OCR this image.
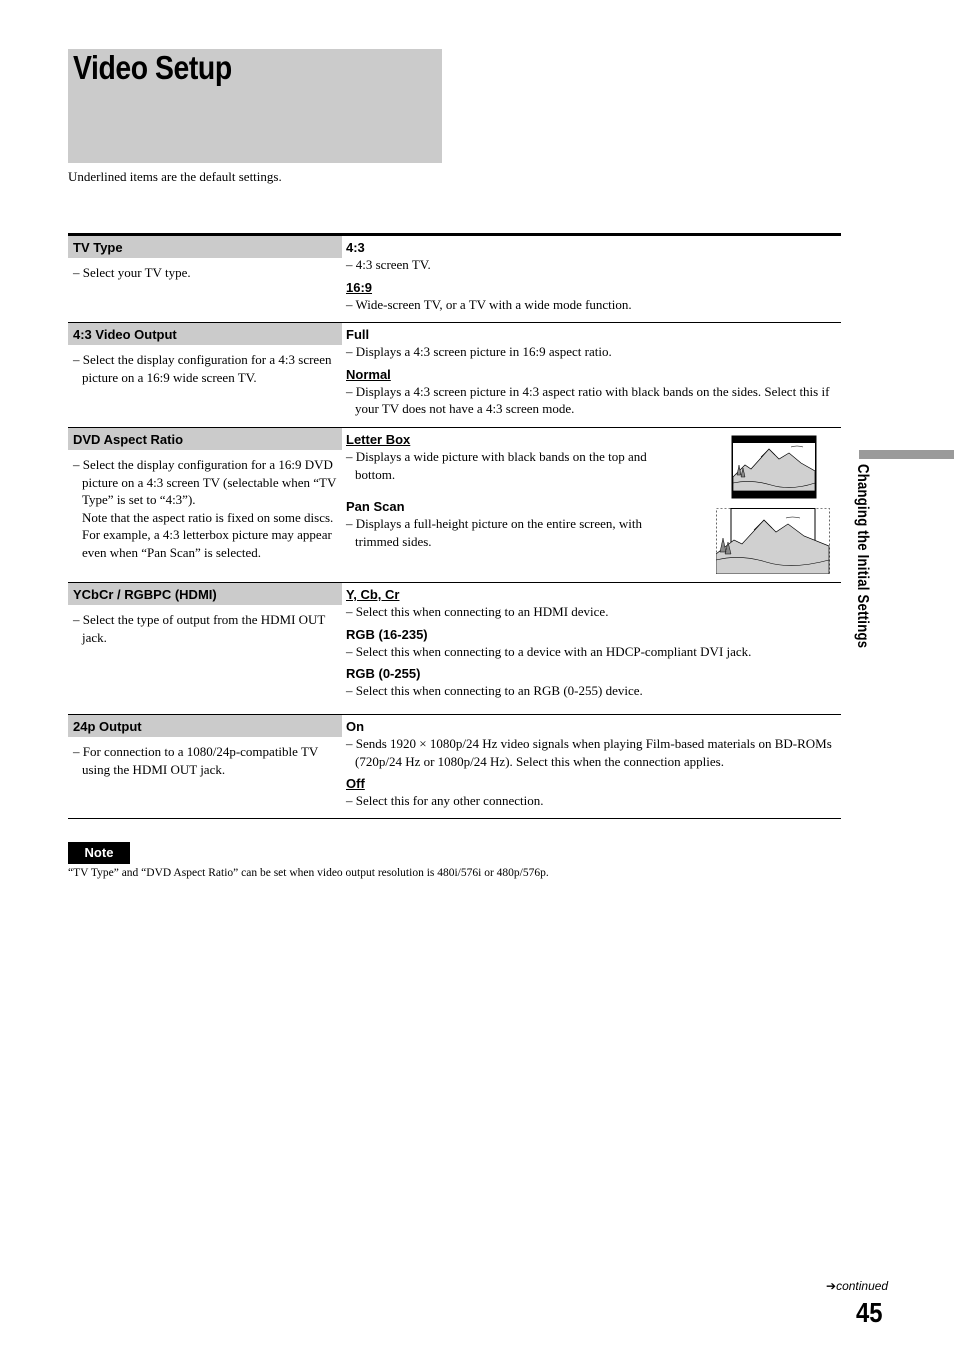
Video Setup
Underlined items are the default settings.
TV Type
– Select your TV type.
4:3
– 4:3 screen TV.
16:9
– Wide-screen TV, or a TV with a wide mode function.
4:3 Video Output
– Select the display configuration for a 4:3 screen picture on a 16:9 wide screen TV.
Full
– Displays a 4:3 screen picture in 16:9 aspect ratio.
Normal
– Displays a 4:3 screen picture in 4:3 aspect ratio with black bands on the sides. Select this if your TV does not have a 4:3 screen mode.
DVD Aspect Ratio
– Select the display configuration for a 16:9 DVD picture on a 4:3 screen TV (selectable when “TV Type” is set to “4:3”).
Note that the aspect ratio is fixed on some discs. For example, a 4:3 letterbox picture may appear even when “Pan Scan” is selected.
Letter Box
– Displays a wide picture with black bands on the top and bottom.
Pan Scan
– Displays a full-height picture on the entire screen, with trimmed sides.
YCbCr / RGBPC (HDMI)
– Select the type of output from the HDMI OUT jack.
Y, Cb, Cr
– Select this when connecting to an HDMI device.
RGB (16-235)
– Select this when connecting to a device with an HDCP-compliant DVI jack.
RGB (0-255)
– Select this when connecting to an RGB (0-255) device.
24p Output
– For connection to a 1080/24p-compatible TV using the HDMI OUT jack.
On
– Sends 1920 × 1080p/24 Hz video signals when playing Film-based materials on BD-ROMs (720p/24 Hz or 1080p/24 Hz). Select this when the connection applies.
Off
– Select this for any other connection.
Changing the Initial Settings
Note
“TV Type” and “DVD Aspect Ratio” can be set when video output resolution is 480i/576i or 480p/576p.
➔continued
45
